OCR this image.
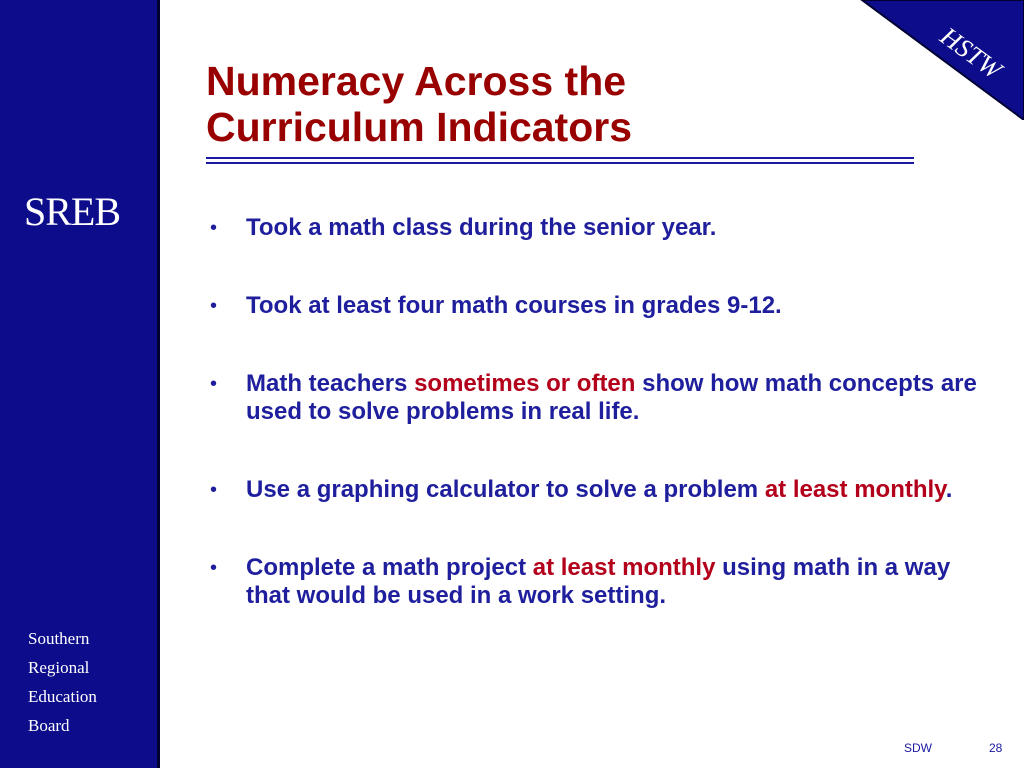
SREB
Southern
Regional
Education
Board
HSTW
Numeracy Across the
Curriculum Indicators
• Took a math class during the senior year.
• Took at least four math courses in grades 9-12.
• Math teachers sometimes or often show how math concepts are used to solve problems in real life.
• Use a graphing calculator to solve a problem at least monthly.
• Complete a math project at least monthly using math in a way that would be used in a work setting.
SDW	28
